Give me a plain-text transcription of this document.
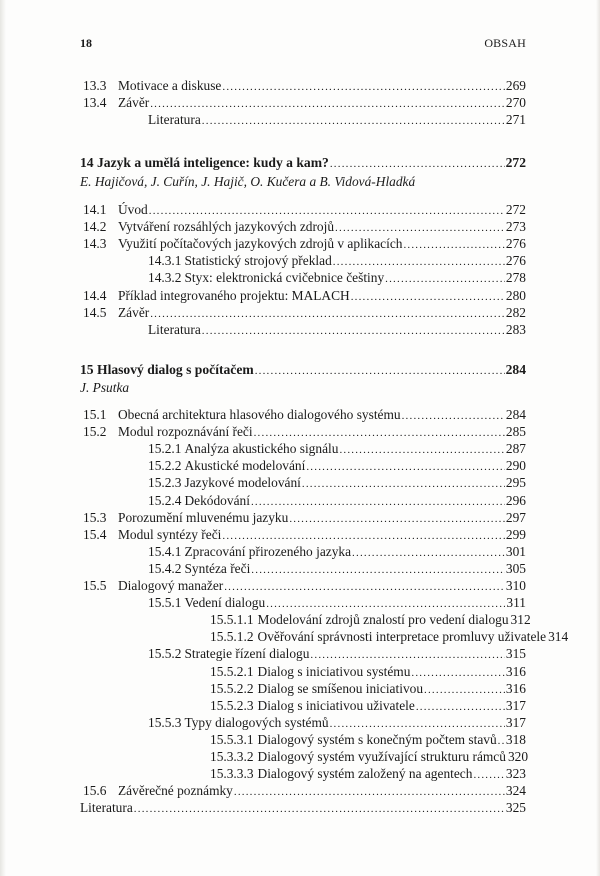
18	OBSAH
13.3 Motivace a diskuse .....	269
13.4 Závěr .....	270
Literatura .....	271
14 Jazyk a umělá inteligence: kudy a kam? .....	272
E. Hajičová, J. Cuřín, J. Hajič, O. Kučera a B. Vidová-Hladká
14.1 Úvod .....	272
14.2 Vytváření rozsáhlých jazykových zdrojů .....	273
14.3 Využití počítačových jazykových zdrojů v aplikacích .....	276
14.3.1 Statistický strojový překlad .....	276
14.3.2 Styx: elektronická cvičebnice češtiny .....	278
14.4 Příklad integrovaného projektu: MALACH .....	280
14.5 Závěr .....	282
Literatura .....	283
15 Hlasový dialog s počítačem .....	284
J. Psutka
15.1 Obecná architektura hlasového dialogového systému .....	284
15.2 Modul rozpoznávání řeči .....	285
15.2.1 Analýza akustického signálu .....	287
15.2.2 Akustické modelování .....	290
15.2.3 Jazykové modelování .....	295
15.2.4 Dekódování .....	296
15.3 Porozumění mluvenému jazyku .....	297
15.4 Modul syntézy řeči .....	299
15.4.1 Zpracování přirozeného jazyka .....	301
15.4.2 Syntéza řeči .....	305
15.5 Dialogový manažer .....	310
15.5.1 Vedení dialogu .....	311
15.5.1.1 Modelování zdrojů znalostí pro vedení dialogu 312
15.5.1.2 Ověřování správnosti interpretace promluvy uživatele 314
15.5.2 Strategie řízení dialogu .....	315
15.5.2.1 Dialog s iniciativou systému .....	316
15.5.2.2 Dialog se smíšenou iniciativou .....	316
15.5.2.3 Dialog s iniciativou uživatele .....	317
15.5.3 Typy dialogových systémů .....	317
15.5.3.1 Dialogový systém s konečným počtem stavů ..... 318
15.3.3.2 Dialogový systém využívající strukturu rámců 320
15.3.3.3 Dialogový systém založený na agentech ..... 323
15.6 Závěrečné poznámky .....	324
Literatura .....	325
